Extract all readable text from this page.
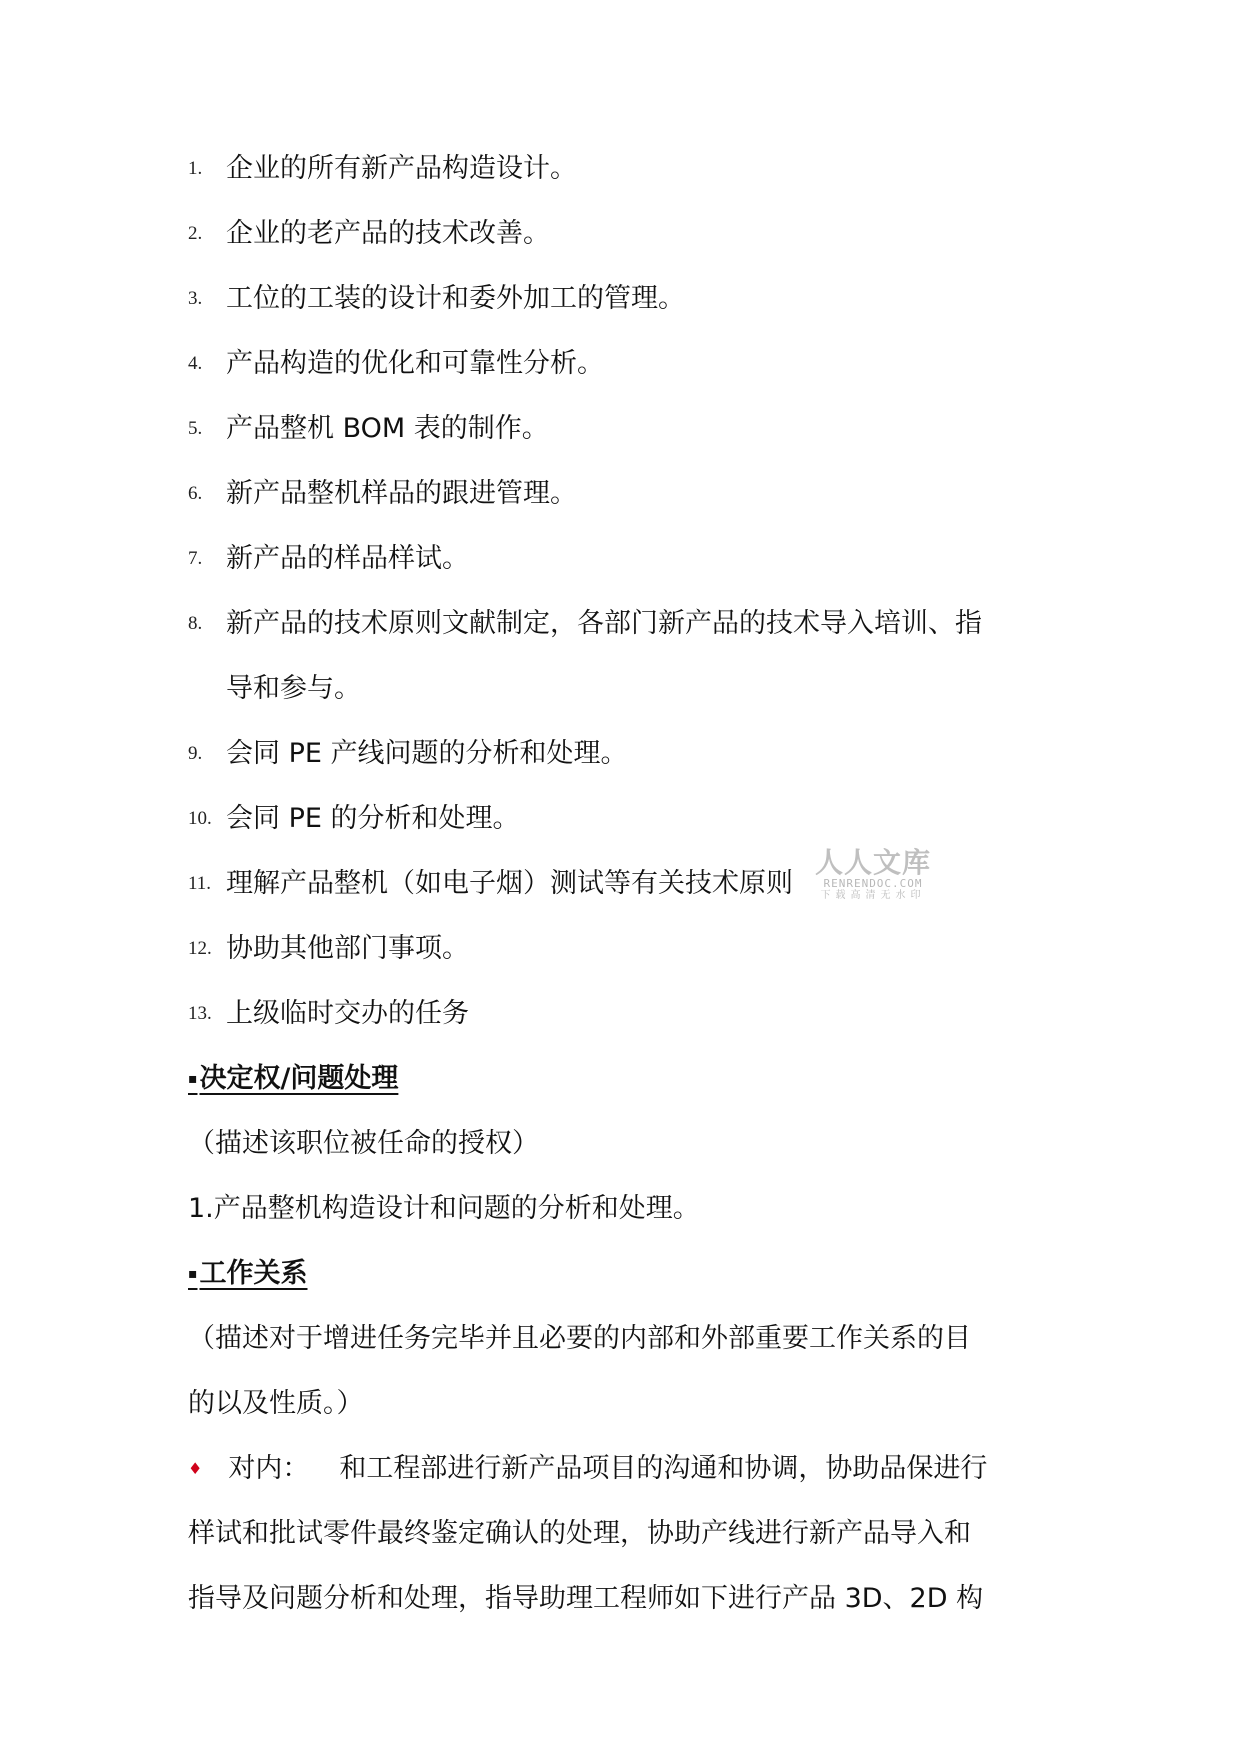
1. 企业的所有新产品构造设计。
2. 企业的老产品的技术改善。
3. 工位的工装的设计和委外加工的管理。
4. 产品构造的优化和可靠性分析。
5. 产品整机 BOM 表的制作。
6. 新产品整机样品的跟进管理。
7. 新产品的样品样试。
8. 新产品的技术原则文献制定，各部门新产品的技术导入培训、指
导和参与。
9. 会同 PE 产线问题的分析和处理。
10. 会同 PE 的分析和处理。
11. 理解产品整机（如电子烟）测试等有关技术原则
12. 协助其他部门事项。
13. 上级临时交办的任务
▪决定权/问题处理
（描述该职位被任命的授权）
1.产品整机构造设计和问题的分析和处理。
▪工作关系
（描述对于增进任务完毕并且必要的内部和外部重要工作关系的目
的以及性质。）
♦ 对内： 和工程部进行新产品项目的沟通和协调，协助品保进行
样试和批试零件最终鉴定确认的处理，协助产线进行新产品导入和
指导及问题分析和处理，指导助理工程师如下进行产品 3D、2D 构
人人文库
RENRENDOC.COM
下载高清无水印
